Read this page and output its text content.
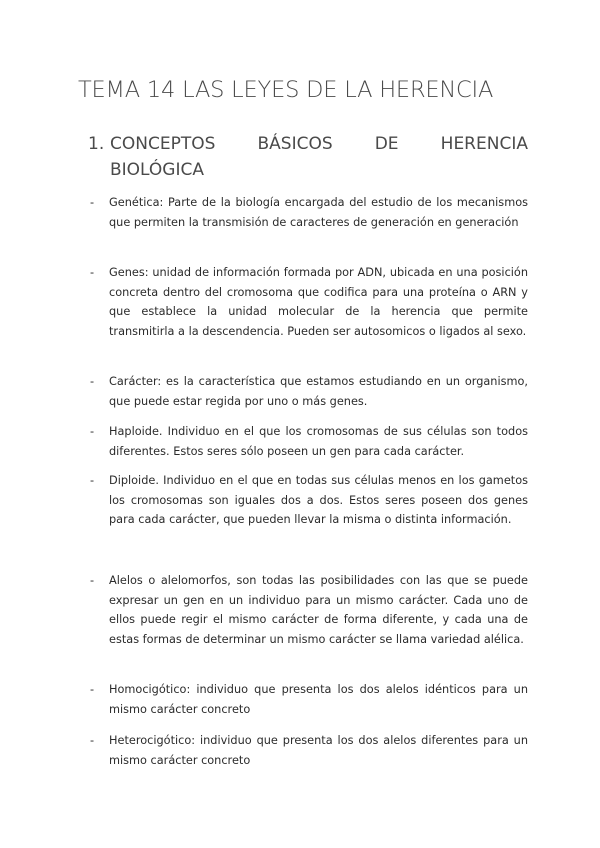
TEMA 14 LAS LEYES DE LA HERENCIA
1. CONCEPTOS BÁSICOS DE HERENCIA
BIOLÓGICA
- Genética: Parte de la biología encargada del estudio de los mecanismos que permiten la transmisión de caracteres de generación en generación
- Genes: unidad de información formada por ADN, ubicada en una posición concreta dentro del cromosoma que codifica para una proteína o ARN y que establece la unidad molecular de la herencia que permite transmitirla a la descendencia. Pueden ser autosomicos o ligados al sexo.
- Carácter: es la característica que estamos estudiando en un organismo, que puede estar regida por uno o más genes.
- Haploide. Individuo en el que los cromosomas de sus células son todos diferentes. Estos seres sólo poseen un gen para cada carácter.
- Diploide. Individuo en el que en todas sus células menos en los gametos los cromosomas son iguales dos a dos. Estos seres poseen dos genes para cada carácter, que pueden llevar la misma o distinta información.
- Alelos o alelomorfos, son todas las posibilidades con las que se puede expresar un gen en un individuo para un mismo carácter. Cada uno de ellos puede regir el mismo carácter de forma diferente, y cada una de estas formas de determinar un mismo carácter se llama variedad alélica.
- Homocigótico: individuo que presenta los dos alelos idénticos para un mismo carácter concreto
- Heterocigótico: individuo que presenta los dos alelos diferentes para un mismo carácter concreto
